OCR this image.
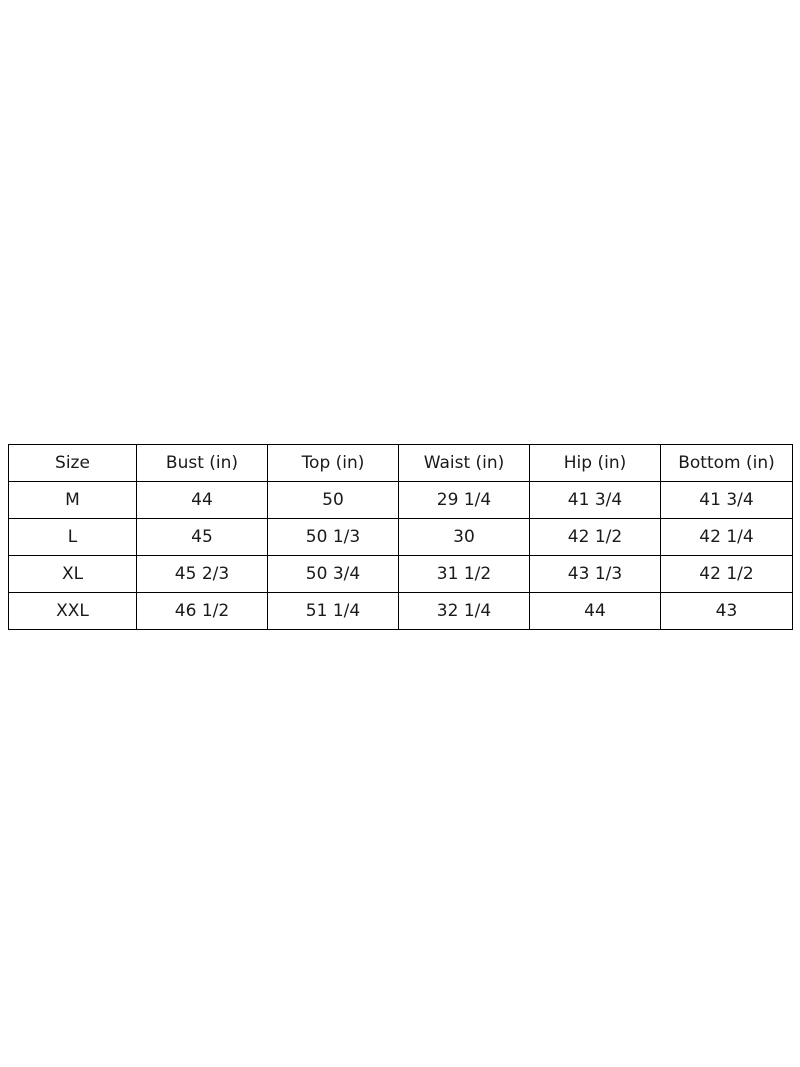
Size	Bust (in)	Top (in)	Waist (in)	Hip (in)	Bottom (in)
M	44	50	29 1/4	41 3/4	41 3/4
L	45	50 1/3	30	42 1/2	42 1/4
XL	45 2/3	50 3/4	31 1/2	43 1/3	42 1/2
XXL	46 1/2	51 1/4	32 1/4	44	43
